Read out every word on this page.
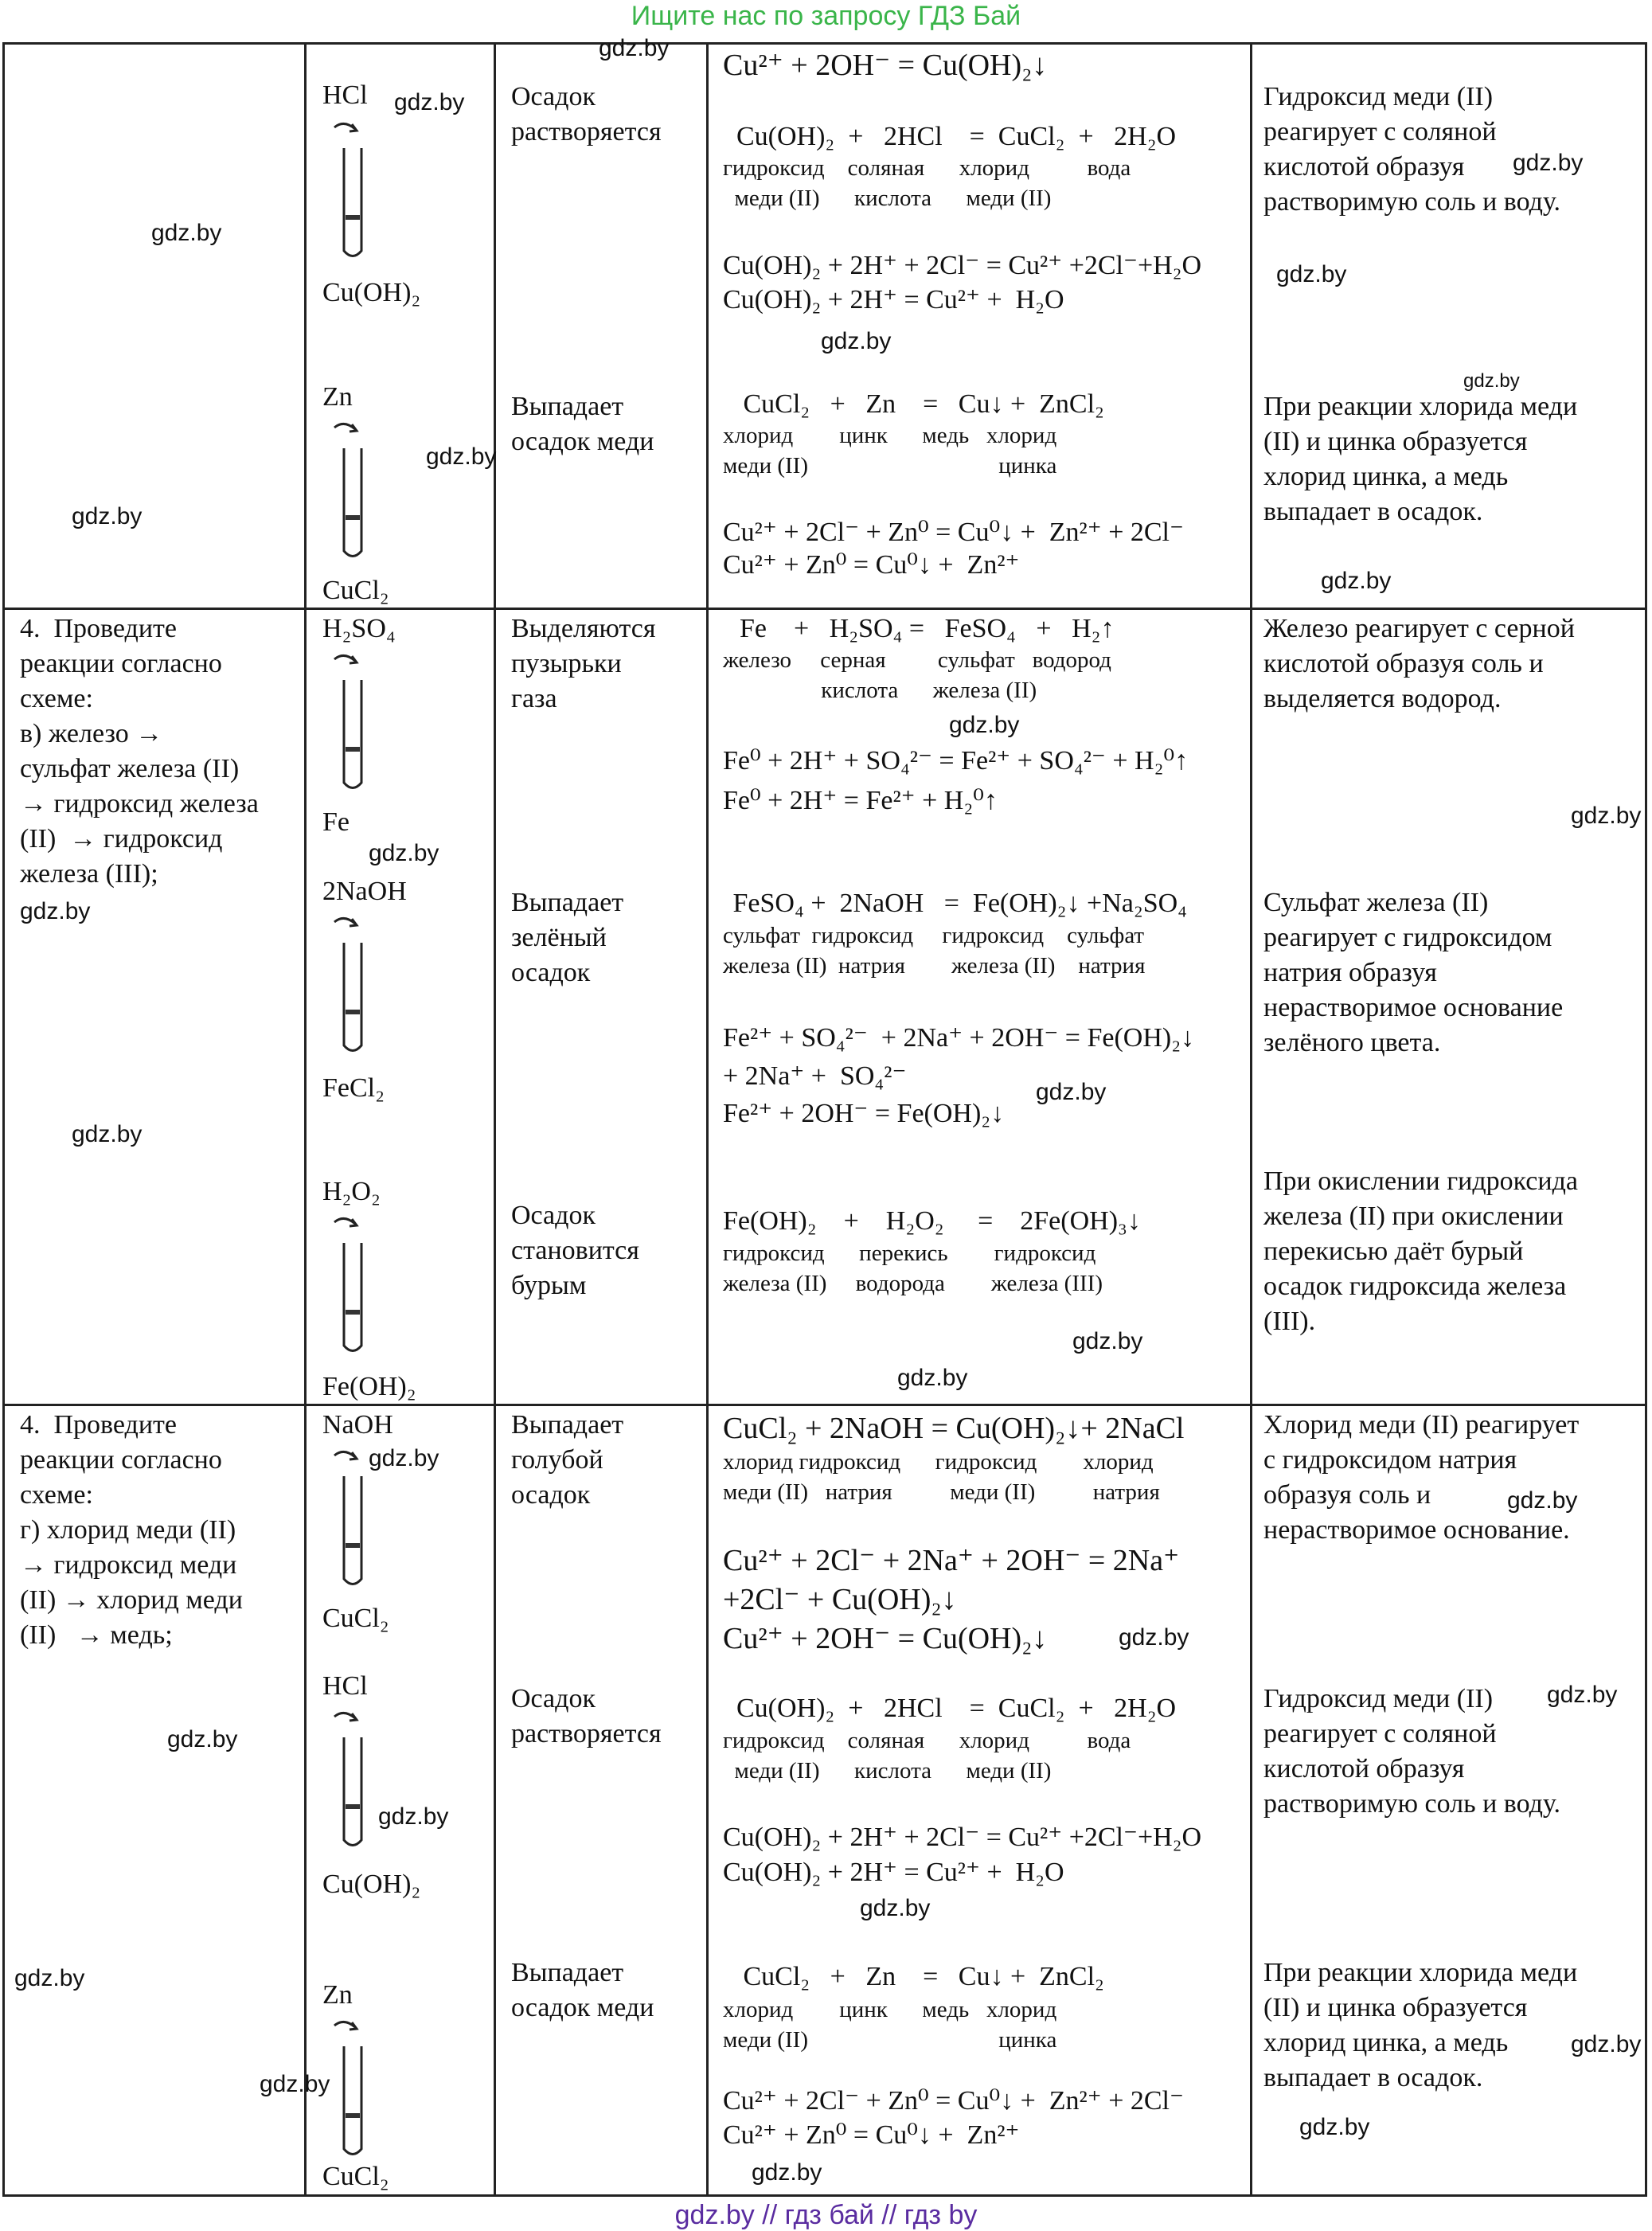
Ищите нас по запросу ГДЗ Бай
gdz.by // гдз бай // гдз by
HCl
Cu(OH)₂
Осадок
растворяется
Cu²⁺ + 2OH⁻ = Cu(OH)₂↓
Cu(OH)₂  +   2HCl    =  CuCl₂  +   2H₂O
гидроксид    соляная      хлорид          вода
меди (II)      кислота      меди (II)
Cu(OH)₂ + 2H⁺ + 2Cl⁻ = Cu²⁺ +2Cl⁻+H₂O
Cu(OH)₂ + 2H⁺ = Cu²⁺ +  H₂O
Гидроксид меди (II)
реагирует с соляной
кислотой образуя
растворимую соль и воду.
Zn
CuCl₂
Выпадает
осадок меди
CuCl₂   +   Zn    =   Cu↓ +  ZnCl₂
хлорид        цинк      медь   хлорид
меди (II)                                 цинка
Cu²⁺ + 2Cl⁻ + Zn⁰ = Cu⁰↓ +  Zn²⁺ + 2Cl⁻
Cu²⁺ + Zn⁰ = Cu⁰↓ +  Zn²⁺
При реакции хлорида меди
(II) и цинка образуется
хлорид цинка, а медь
выпадает в осадок.
4.  Проведите
реакции согласно
схеме:
в) железо →
сульфат железа (II)
→ гидроксид железа
(II)  → гидроксид
железа (III);
H₂SO₄
Fe
Выделяются
пузырьки
газа
Fe    +   H₂SO₄ =   FeSO₄   +   H₂↑
железо     серная         сульфат   водород
кислота      железа (II)
Fe⁰ + 2H⁺ + SO₄²⁻ = Fe²⁺ + SO₄²⁻ + H₂⁰↑
Fe⁰ + 2H⁺ = Fe²⁺ + H₂⁰↑
Железо реагирует с серной
кислотой образуя соль и
выделяется водород.
2NaOH
FeCl₂
Выпадает
зелёный
осадок
FeSO₄ +  2NaOH   =  Fe(OH)₂↓ +Na₂SO₄
сульфат  гидроксид     гидроксид    сульфат
железа (II)  натрия        железа (II)    натрия
Fe²⁺ + SO₄²⁻  + 2Na⁺ + 2OH⁻ = Fe(OH)₂↓
+ 2Na⁺ +  SO₄²⁻
Fe²⁺ + 2OH⁻ = Fe(OH)₂↓
Сульфат железа (II)
реагирует с гидроксидом
натрия образуя
нерастворимое основание
зелёного цвета.
H₂O₂
Fe(OH)₂
Осадок
становится
бурым
Fe(OH)₂    +    H₂O₂     =    2Fe(OH)₃↓
гидроксид      перекись        гидроксид
железа (II)     водорода        железа (III)
При окислении гидроксида
железа (II) при окислении
перекисью даёт бурый
осадок гидроксида железа
(III).
4.  Проведите
реакции согласно
схеме:
г) хлорид меди (II)
→ гидроксид меди
(II) → хлорид меди
(II)   → медь;
NaOH
CuCl₂
Выпадает
голубой
осадок
CuCl₂ + 2NaOH = Cu(OH)₂↓+ 2NaCl
хлорид гидроксид      гидроксид        хлорид
меди (II)   натрия          меди (II)          натрия
Cu²⁺ + 2Cl⁻ + 2Na⁺ + 2OH⁻ = 2Na⁺
+2Cl⁻ + Cu(OH)₂↓
Cu²⁺ + 2OH⁻ = Cu(OH)₂↓
Хлорид меди (II) реагирует
с гидроксидом натрия
образуя соль и
нерастворимое основание.
HCl
Cu(OH)₂
Осадок
растворяется
Cu(OH)₂  +   2HCl    =  CuCl₂  +   2H₂O
гидроксид    соляная      хлорид          вода
меди (II)      кислота      меди (II)
Cu(OH)₂ + 2H⁺ + 2Cl⁻ = Cu²⁺ +2Cl⁻+H₂O
Cu(OH)₂ + 2H⁺ = Cu²⁺ +  H₂O
Гидроксид меди (II)
реагирует с соляной
кислотой образуя
растворимую соль и воду.
Zn
CuCl₂
Выпадает
осадок меди
CuCl₂   +   Zn    =   Cu↓ +  ZnCl₂
хлорид        цинк      медь   хлорид
меди (II)                                 цинка
Cu²⁺ + 2Cl⁻ + Zn⁰ = Cu⁰↓ +  Zn²⁺ + 2Cl⁻
Cu²⁺ + Zn⁰ = Cu⁰↓ +  Zn²⁺
При реакции хлорида меди
(II) и цинка образуется
хлорид цинка, а медь
выпадает в осадок.
gdz.by
gdz.by
gdz.by
gdz.by
gdz.by
gdz.by
gdz.by
gdz.by
gdz.by
gdz.by
gdz.by
gdz.by
gdz.by
gdz.by
gdz.by
gdz.by
gdz.by
gdz.by
gdz.by
gdz.by
gdz.by
gdz.by
gdz.by
gdz.by
gdz.by
gdz.by
gdz.by
gdz.by
gdz.by
gdz.by
